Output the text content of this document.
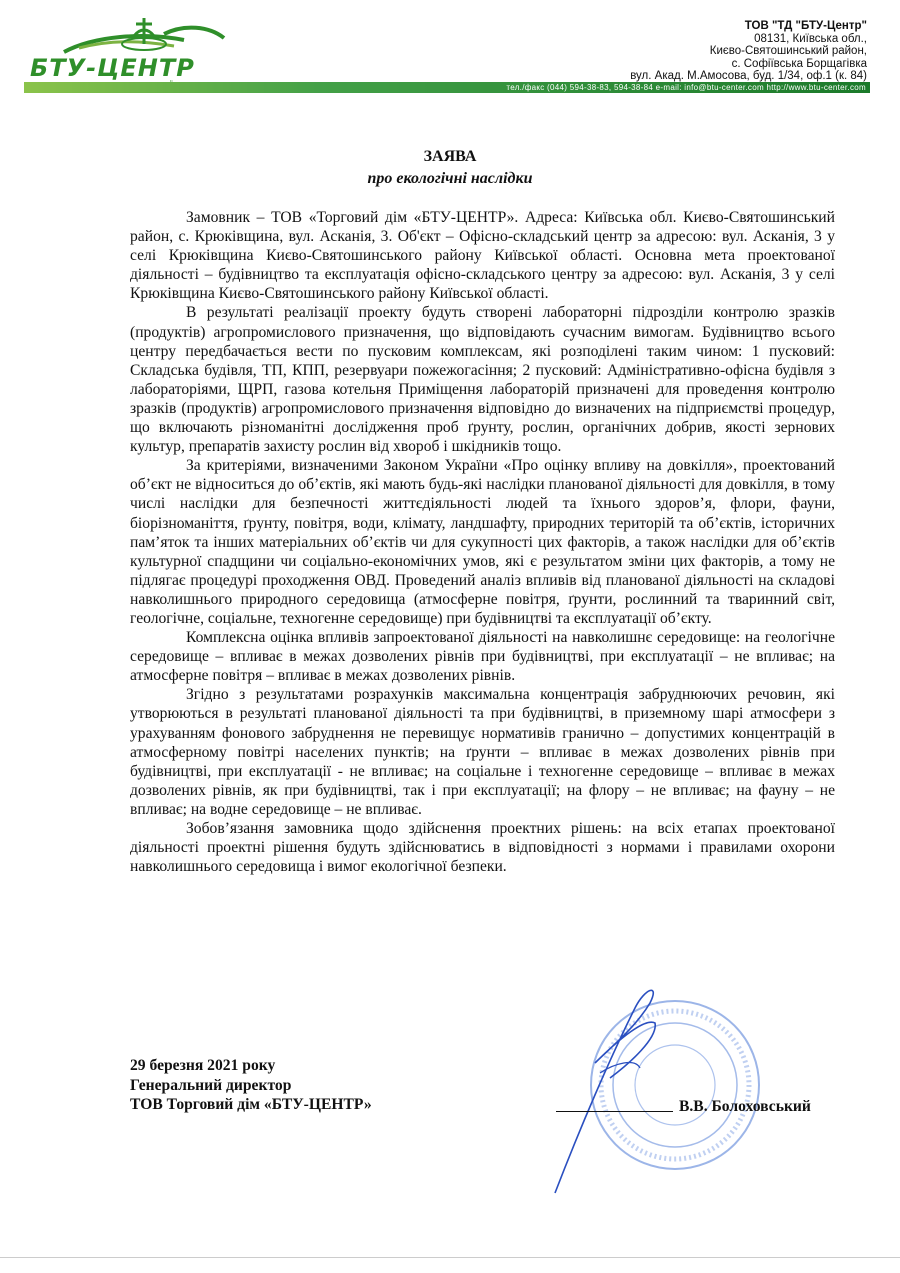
БТУ-ЦЕНТР
ТОВ "ТД "БТУ-Центр"
08131, Київська обл.,
Києво-Святошинський район,
с. Софіївська Борщагівка
вул. Акад. М.Амосова, буд. 1/34, оф.1 (к. 84)
тел./факс (044) 594-38-83, 594-38-84 e-mail: info@btu-center.com http://www.btu-center.com
ЗАЯВА
про екологічні наслідки

Замовник – ТОВ «Торговий дім «БТУ-ЦЕНТР». Адреса: Київська обл. Києво-Святошинський район, с. Крюківщина, вул. Асканія, 3. Об'єкт – Офісно-складський центр за адресою: вул. Асканія, 3 у селі Крюківщина Києво-Святошинського району Київської області. Основна мета проектованої діяльності – будівництво та експлуатація офісно-складського центру за адресою: вул. Асканія, 3 у селі Крюківщина Києво-Святошинського району Київської області.

В результаті реалізації проекту будуть створені лабораторні підрозділи контролю зразків (продуктів) агропромислового призначення, що відповідають сучасним вимогам. Будівництво всього центру передбачається вести по пусковим комплексам, які розподілені таким чином: 1 пусковий: Складська будівля, ТП, КПП, резервуари пожежогасіння; 2 пусковий: Адміністративно-офісна будівля з лабораторіями, ЩРП, газова котельня Приміщення лабораторій призначені для проведення контролю зразків (продуктів) агропромислового призначення відповідно до визначених на підприємстві процедур, що включають різноманітні дослідження проб ґрунту, рослин, органічних добрив, якості зернових культур, препаратів захисту рослин від хвороб і шкідників тощо.

За критеріями, визначеними Законом України «Про оцінку впливу на довкілля», проектований об’єкт не відноситься до об’єктів, які мають будь-які наслідки планованої діяльності для довкілля, в тому числі наслідки для безпечності життєдіяльності людей та їхнього здоров’я, флори, фауни, біорізноманіття, ґрунту, повітря, води, клімату, ландшафту, природних територій та об’єктів, історичних пам’яток та інших матеріальних об’єктів чи для сукупності цих факторів, а також наслідки для об’єктів культурної спадщини чи соціально-економічних умов, які є результатом зміни цих факторів, а тому не підлягає процедурі проходження ОВД. Проведений аналіз впливів від планованої діяльності на складові навколишнього природного середовища (атмосферне повітря, ґрунти, рослинний та тваринний світ, геологічне, соціальне, техногенне середовище) при будівництві та експлуатації об’єкту.

Комплексна оцінка впливів запроектованої діяльності на навколишнє середовище: на геологічне середовище – впливає в межах дозволених рівнів при будівництві, при експлуатації – не впливає; на атмосферне повітря – впливає в межах дозволених рівнів.

Згідно з результатами розрахунків максимальна концентрація забруднюючих речовин, які утворюються в результаті планованої діяльності та при будівництві, в приземному шарі атмосфери з урахуванням фонового забруднення не перевищує нормативів гранично – допустимих концентрацій в атмосферному повітрі населених пунктів; на ґрунти – впливає в межах дозволених рівнів при будівництві, при експлуатації - не впливає; на соціальне і техногенне середовище – впливає в межах дозволених рівнів, як при будівництві, так і при експлуатації; на флору – не впливає; на фауну – не впливає; на водне середовище – не впливає.

Зобов’язання замовника щодо здійснення проектних рішень: на всіх етапах проектованої діяльності проектні рішення будуть здійснюватись в відповідності з нормами і правилами охорони навколишнього середовища і вимог екологічної безпеки.

29 березня 2021 року
Генеральний директор
ТОВ Торговий дім «БТУ-ЦЕНТР»	В.В. Болоховський
